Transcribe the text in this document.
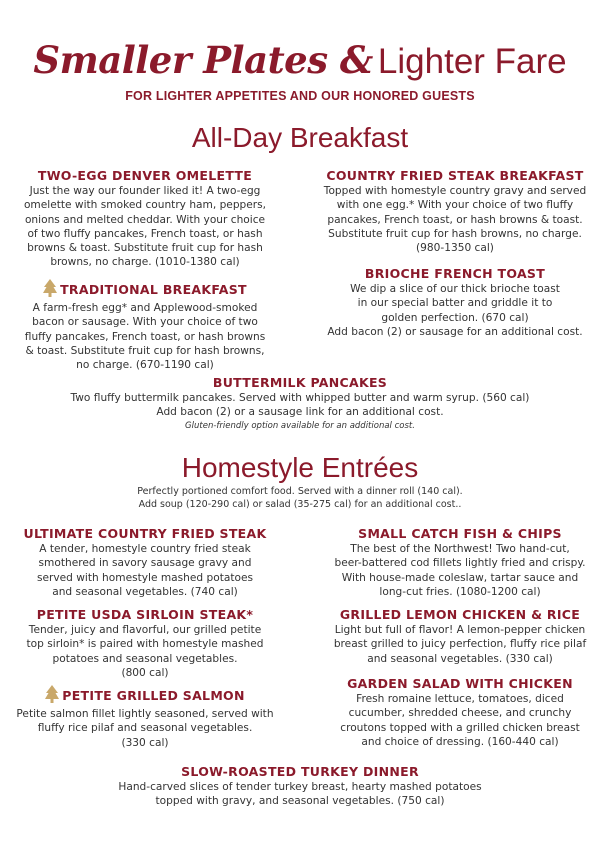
Smaller Plates & Lighter Fare
FOR LIGHTER APPETITES AND OUR HONORED GUESTS
All-Day Breakfast
TWO-EGG DENVER OMELETTE
Just the way our founder liked it! A two-egg
omelette with smoked country ham, peppers,
onions and melted cheddar. With your choice
of two fluffy pancakes, French toast, or hash
browns & toast. Substitute fruit cup for hash
browns, no charge. (1010-1380 cal)
COUNTRY FRIED STEAK BREAKFAST
Topped with homestyle country gravy and served
with one egg.* With your choice of two fluffy
pancakes, French toast, or hash browns & toast.
Substitute fruit cup for hash browns, no charge.
(980-1350 cal)
TRADITIONAL BREAKFAST
A farm-fresh egg* and Applewood-smoked
bacon or sausage. With your choice of two
fluffy pancakes, French toast, or hash browns
& toast. Substitute fruit cup for hash browns,
no charge. (670-1190 cal)
BRIOCHE FRENCH TOAST
We dip a slice of our thick brioche toast
in our special batter and griddle it to
golden perfection. (670 cal)
Add bacon (2) or sausage for an additional cost.
BUTTERMILK PANCAKES
Two fluffy buttermilk pancakes. Served with whipped butter and warm syrup. (560 cal)
Add bacon (2) or a sausage link for an additional cost.
Gluten-friendly option available for an additional cost.
Homestyle Entrées
Perfectly portioned comfort food. Served with a dinner roll (140 cal).
Add soup (120-290 cal) or salad (35-275 cal) for an additional cost..
ULTIMATE COUNTRY FRIED STEAK
A tender, homestyle country fried steak
smothered in savory sausage gravy and
served with homestyle mashed potatoes
and seasonal vegetables. (740 cal)
SMALL CATCH FISH & CHIPS
The best of the Northwest! Two hand-cut,
beer-battered cod fillets lightly fried and crispy.
With house-made coleslaw, tartar sauce and
long-cut fries. (1080-1200 cal)
PETITE USDA SIRLOIN STEAK*
Tender, juicy and flavorful, our grilled petite
top sirloin* is paired with homestyle mashed
potatoes and seasonal vegetables.
(800 cal)
GRILLED LEMON CHICKEN & RICE
Light but full of flavor! A lemon-pepper chicken
breast grilled to juicy perfection, fluffy rice pilaf
and seasonal vegetables. (330 cal)
PETITE GRILLED SALMON
Petite salmon fillet lightly seasoned, served with
fluffy rice pilaf and seasonal vegetables.
(330 cal)
GARDEN SALAD WITH CHICKEN
Fresh romaine lettuce, tomatoes, diced
cucumber, shredded cheese, and crunchy
croutons topped with a grilled chicken breast
and choice of dressing. (160-440 cal)
SLOW-ROASTED TURKEY DINNER
Hand-carved slices of tender turkey breast, hearty mashed potatoes
topped with gravy, and seasonal vegetables. (750 cal)
